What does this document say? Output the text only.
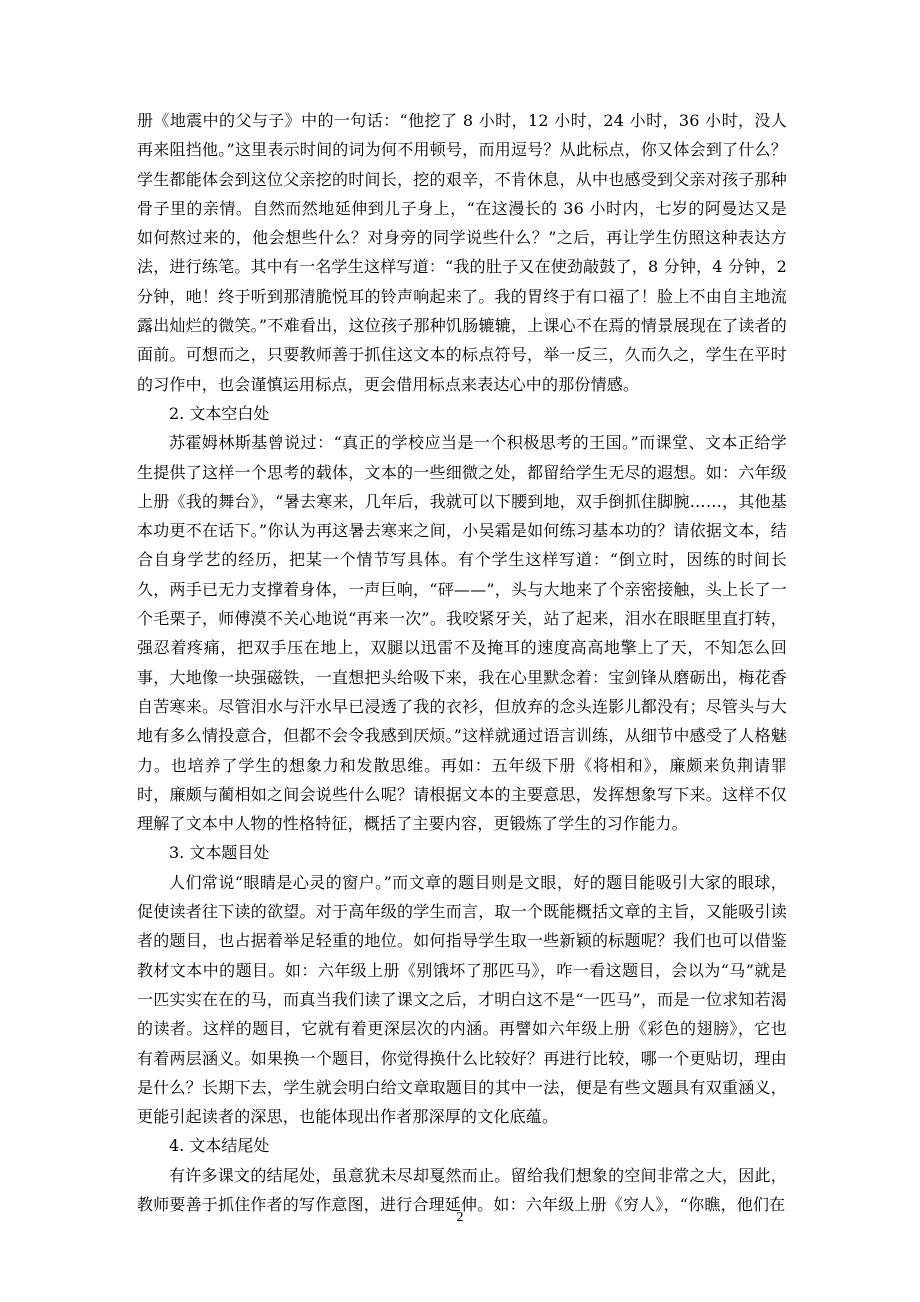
册《地震中的父与子》中的一句话：“他挖了 8 小时，12 小时，24 小时，36 小时，没人再来阻挡他。”这里表示时间的词为何不用顿号，而用逗号？从此标点，你又体会到了什么？学生都能体会到这位父亲挖的时间长，挖的艰辛，不肯休息，从中也感受到父亲对孩子那种骨子里的亲情。自然而然地延伸到儿子身上，“在这漫长的 36 小时内，七岁的阿曼达又是如何熬过来的，他会想些什么？对身旁的同学说些什么？”之后，再让学生仿照这种表达方法，进行练笔。其中有一名学生这样写道：“我的肚子又在使劲敲鼓了，8 分钟，4 分钟，2 分钟，吔！终于听到那清脆悦耳的铃声响起来了。我的胃终于有口福了！脸上不由自主地流露出灿烂的微笑。”不难看出，这位孩子那种饥肠辘辘，上课心不在焉的情景展现在了读者的面前。可想而之，只要教师善于抓住这文本的标点符号，举一反三，久而久之，学生在平时的习作中，也会谨慎运用标点，更会借用标点来表达心中的那份情感。

2. 文本空白处

苏霍姆林斯基曾说过：“真正的学校应当是一个积极思考的王国。”而课堂、文本正给学生提供了这样一个思考的载体，文本的一些细微之处，都留给学生无尽的遐想。如：六年级上册《我的舞台》，“暑去寒来，几年后，我就可以下腰到地，双手倒抓住脚腕……，其他基本功更不在话下。”你认为再这暑去寒来之间，小吴霜是如何练习基本功的？请依据文本，结合自身学艺的经历，把某一个情节写具体。有个学生这样写道：“倒立时，因练的时间长久，两手已无力支撑着身体，一声巨响，“砰——”，头与大地来了个亲密接触，头上长了一个毛栗子，师傅漠不关心地说“再来一次”。我咬紧牙关，站了起来，泪水在眼眶里直打转，强忍着疼痛，把双手压在地上，双腿以迅雷不及掩耳的速度高高地擎上了天，不知怎么回事，大地像一块强磁铁，一直想把头给吸下来，我在心里默念着：宝剑锋从磨砺出，梅花香自苦寒来。尽管泪水与汗水早已浸透了我的衣衫，但放弃的念头连影儿都没有；尽管头与大地有多么情投意合，但都不会令我感到厌烦。”这样就通过语言训练，从细节中感受了人格魅力。也培养了学生的想象力和发散思维。再如：五年级下册《将相和》，廉颇来负荆请罪时，廉颇与蔺相如之间会说些什么呢？请根据文本的主要意思，发挥想象写下来。这样不仅理解了文本中人物的性格特征，概括了主要内容，更锻炼了学生的习作能力。

3. 文本题目处

人们常说“眼睛是心灵的窗户。”而文章的题目则是文眼，好的题目能吸引大家的眼球，促使读者往下读的欲望。对于高年级的学生而言，取一个既能概括文章的主旨，又能吸引读者的题目，也占据着举足轻重的地位。如何指导学生取一些新颖的标题呢？我们也可以借鉴教材文本中的题目。如：六年级上册《别饿坏了那匹马》，咋一看这题目，会以为“马”就是一匹实实在在的马，而真当我们读了课文之后，才明白这不是“一匹马”，而是一位求知若渴的读者。这样的题目，它就有着更深层次的内涵。再譬如六年级上册《彩色的翅膀》，它也有着两层涵义。如果换一个题目，你觉得换什么比较好？再进行比较，哪一个更贴切，理由是什么？长期下去，学生就会明白给文章取题目的其中一法，便是有些文题具有双重涵义，更能引起读者的深思，也能体现出作者那深厚的文化底蕴。

4. 文本结尾处

有许多课文的结尾处，虽意犹未尽却戛然而止。留给我们想象的空间非常之大，因此，教师要善于抓住作者的写作意图，进行合理延伸。如：六年级上册《穷人》，“你瞧，他们在

2
